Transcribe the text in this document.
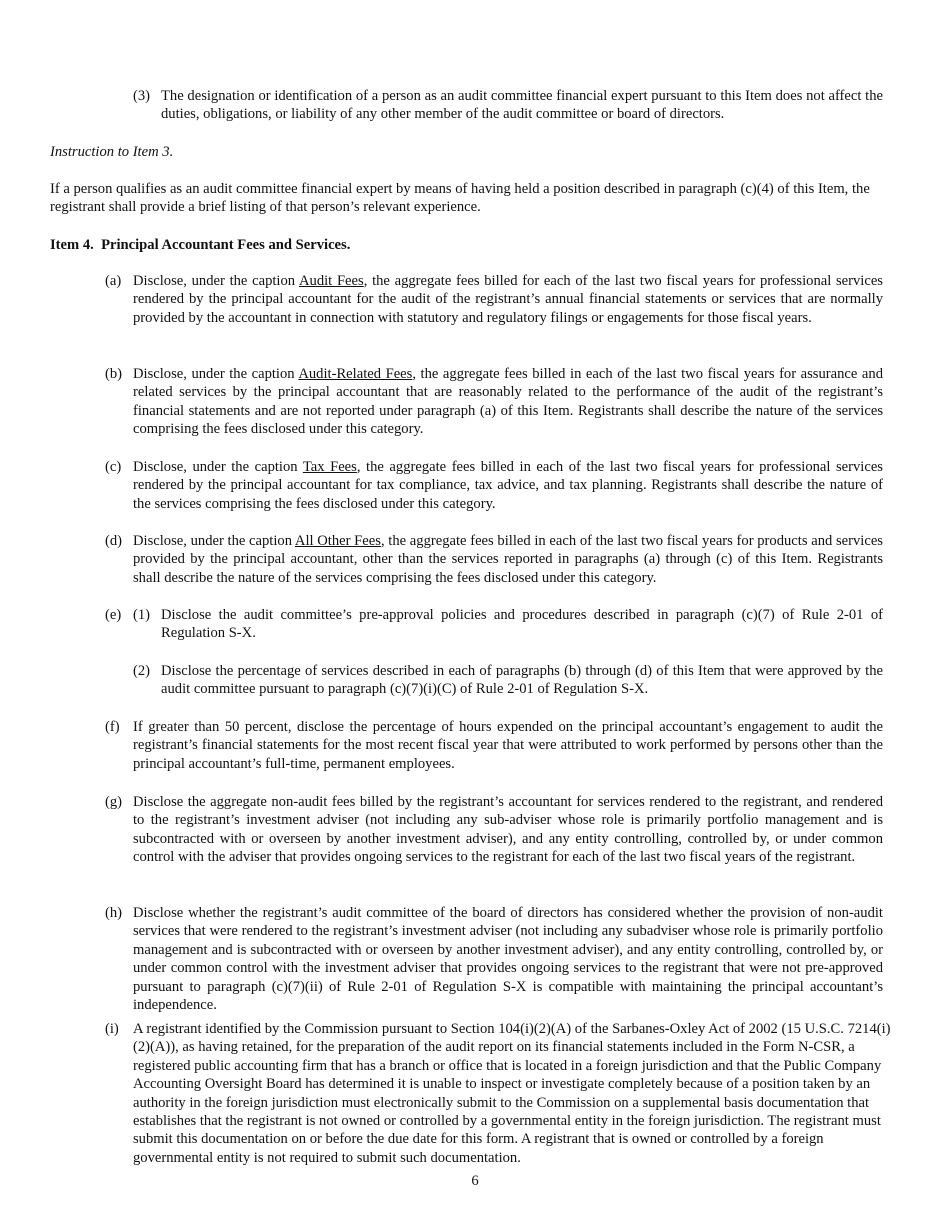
(3) The designation or identification of a person as an audit committee financial expert pursuant to this Item does not affect the duties, obligations, or liability of any other member of the audit committee or board of directors.
Instruction to Item 3.
If a person qualifies as an audit committee financial expert by means of having held a position described in paragraph (c)(4) of this Item, the registrant shall provide a brief listing of that person’s relevant experience.
Item 4.  Principal Accountant Fees and Services.
(a) Disclose, under the caption Audit Fees, the aggregate fees billed for each of the last two fiscal years for professional services rendered by the principal accountant for the audit of the registrant’s annual financial statements or services that are normally provided by the accountant in connection with statutory and regulatory filings or engagements for those fiscal years.
(b) Disclose, under the caption Audit-Related Fees, the aggregate fees billed in each of the last two fiscal years for assurance and related services by the principal accountant that are reasonably related to the performance of the audit of the registrant’s financial statements and are not reported under paragraph (a) of this Item. Registrants shall describe the nature of the services comprising the fees disclosed under this category.
(c) Disclose, under the caption Tax Fees, the aggregate fees billed in each of the last two fiscal years for professional services rendered by the principal accountant for tax compliance, tax advice, and tax planning. Registrants shall describe the nature of the services comprising the fees disclosed under this category.
(d) Disclose, under the caption All Other Fees, the aggregate fees billed in each of the last two fiscal years for products and services provided by the principal accountant, other than the services reported in paragraphs (a) through (c) of this Item. Registrants shall describe the nature of the services comprising the fees disclosed under this category.
(e) (1) Disclose the audit committee’s pre-approval policies and procedures described in paragraph (c)(7) of Rule 2-01 of Regulation S-X.
(2) Disclose the percentage of services described in each of paragraphs (b) through (d) of this Item that were approved by the audit committee pursuant to paragraph (c)(7)(i)(C) of Rule 2-01 of Regulation S-X.
(f) If greater than 50 percent, disclose the percentage of hours expended on the principal accountant’s engagement to audit the registrant’s financial statements for the most recent fiscal year that were attributed to work performed by persons other than the principal accountant’s full-time, permanent employees.
(g) Disclose the aggregate non-audit fees billed by the registrant’s accountant for services rendered to the registrant, and rendered to the registrant’s investment adviser (not including any sub-adviser whose role is primarily portfolio management and is subcontracted with or overseen by another investment adviser), and any entity controlling, controlled by, or under common control with the adviser that provides ongoing services to the registrant for each of the last two fiscal years of the registrant.
(h) Disclose whether the registrant’s audit committee of the board of directors has considered whether the provision of non-audit services that were rendered to the registrant’s investment adviser (not including any subadviser whose role is primarily portfolio management and is subcontracted with or overseen by another investment adviser), and any entity controlling, controlled by, or under common control with the investment adviser that provides ongoing services to the registrant that were not pre-approved pursuant to paragraph (c)(7)(ii) of Rule 2-01 of Regulation S-X is compatible with maintaining the principal accountant’s independence.
(i) A registrant identified by the Commission pursuant to Section 104(i)(2)(A) of the Sarbanes-Oxley Act of 2002 (15 U.S.C. 7214(i)(2)(A)), as having retained, for the preparation of the audit report on its financial statements included in the Form N-CSR, a registered public accounting firm that has a branch or office that is located in a foreign jurisdiction and that the Public Company Accounting Oversight Board has determined it is unable to inspect or investigate completely because of a position taken by an authority in the foreign jurisdiction must electronically submit to the Commission on a supplemental basis documentation that establishes that the registrant is not owned or controlled by a governmental entity in the foreign jurisdiction. The registrant must submit this documentation on or before the due date for this form. A registrant that is owned or controlled by a foreign governmental entity is not required to submit such documentation.
6
